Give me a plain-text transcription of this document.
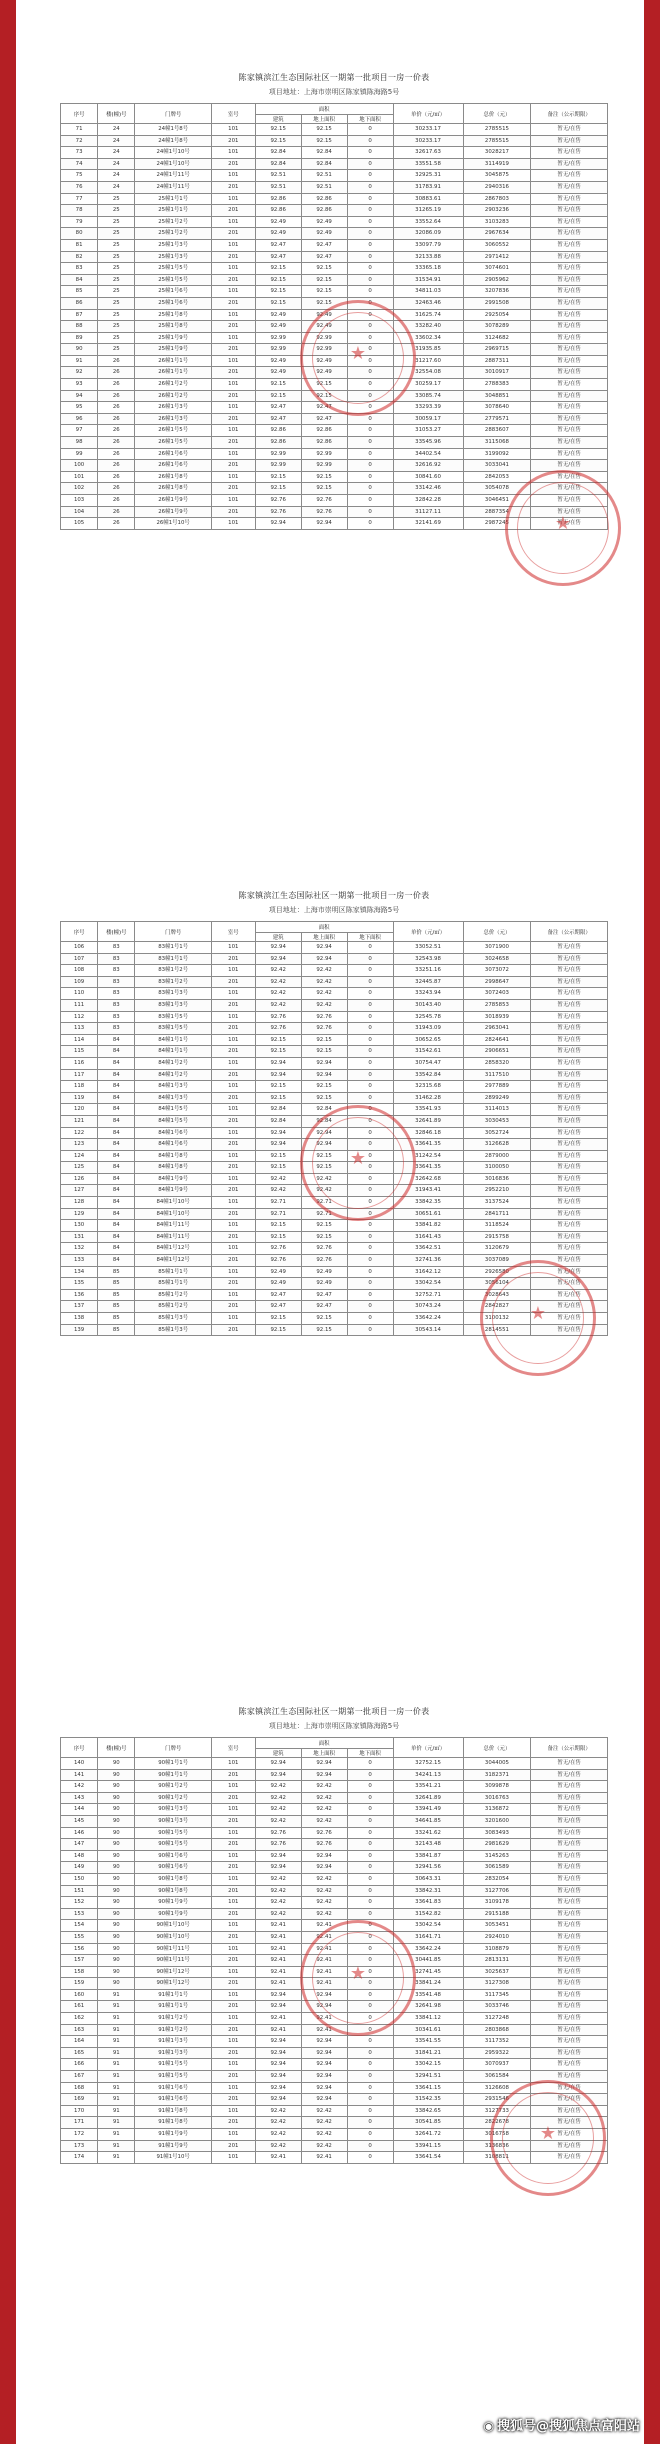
陈家镇滨江生态国际社区一期第一批项目一房一价表
项目地址：上海市崇明区陈家镇陈海路5号
序号	楼(幢)号	门牌号	室号	面积			单价（元/㎡）	总价（元）	备注（公示期限）
				建筑	地上面积	地下面积			
71	24	24幢1号8号	101	92.15	92.15	0	30233.17	2785515	暂无/在售
72	24	24幢1号8号	201	92.15	92.15	0	30233.17	2785515	暂无/在售
73	24	24幢1号10号	101	92.84	92.84	0	32617.63	3028217	暂无/在售
74	24	24幢1号10号	201	92.84	92.84	0	33551.58	3114919	暂无/在售
75	24	24幢1号11号	101	92.51	92.51	0	32925.31	3045875	暂无/在售
76	24	24幢1号11号	201	92.51	92.51	0	31783.91	2940316	暂无/在售
77	25	25幢1号1号	101	92.86	92.86	0	30883.61	2867803	暂无/在售
78	25	25幢1号1号	201	92.86	92.86	0	31265.19	2903236	暂无/在售
79	25	25幢1号2号	101	92.49	92.49	0	33552.64	3103283	暂无/在售
80	25	25幢1号2号	201	92.49	92.49	0	32086.09	2967634	暂无/在售
81	25	25幢1号3号	101	92.47	92.47	0	33097.79	3060552	暂无/在售
82	25	25幢1号3号	201	92.47	92.47	0	32133.88	2971412	暂无/在售
83	25	25幢1号5号	101	92.15	92.15	0	33365.18	3074601	暂无/在售
84	25	25幢1号5号	201	92.15	92.15	0	31534.91	2905962	暂无/在售
85	25	25幢1号6号	101	92.15	92.15	0	34811.03	3207836	暂无/在售
86	25	25幢1号6号	201	92.15	92.15	0	32463.46	2991508	暂无/在售
87	25	25幢1号8号	101	92.49	92.49	0	31625.74	2925054	暂无/在售
88	25	25幢1号8号	201	92.49	92.49	0	33282.40	3078289	暂无/在售
89	25	25幢1号9号	101	92.99	92.99	0	33602.34	3124682	暂无/在售
90	25	25幢1号9号	201	92.99	92.99	0	31935.85	2969715	暂无/在售
91	26	26幢1号1号	101	92.49	92.49	0	31217.60	2887311	暂无/在售
92	26	26幢1号1号	201	92.49	92.49	0	32554.08	3010917	暂无/在售
93	26	26幢1号2号	101	92.15	92.15	0	30259.17	2788383	暂无/在售
94	26	26幢1号2号	201	92.15	92.15	0	33085.74	3048851	暂无/在售
95	26	26幢1号3号	101	92.47	92.47	0	33293.39	3078640	暂无/在售
96	26	26幢1号3号	201	92.47	92.47	0	30059.17	2779571	暂无/在售
97	26	26幢1号5号	101	92.86	92.86	0	31053.27	2883607	暂无/在售
98	26	26幢1号5号	201	92.86	92.86	0	33545.96	3115068	暂无/在售
99	26	26幢1号6号	101	92.99	92.99	0	34402.54	3199092	暂无/在售
100	26	26幢1号6号	201	92.99	92.99	0	32616.92	3033041	暂无/在售
101	26	26幢1号8号	101	92.15	92.15	0	30841.60	2842053	暂无/在售
102	26	26幢1号8号	201	92.15	92.15	0	33142.46	3054078	暂无/在售
103	26	26幢1号9号	101	92.76	92.76	0	32842.28	3046451	暂无/在售
104	26	26幢1号9号	201	92.76	92.76	0	31127.11	2887354	暂无/在售
105	26	26幢1号10号	101	92.94	92.94	0	32141.69	2987245	暂无/在售
陈家镇滨江生态国际社区一期第一批项目一房一价表
项目地址：上海市崇明区陈家镇陈海路5号
序号	楼(幢)号	门牌号	室号	面积			单价（元/㎡）	总价（元）	备注（公示期限）
				建筑	地上面积	地下面积			
106	83	83幢1号1号	101	92.94	92.94	0	33052.51	3071900	暂无/在售
107	83	83幢1号1号	201	92.94	92.94	0	32543.98	3024658	暂无/在售
108	83	83幢1号2号	101	92.42	92.42	0	33251.16	3073072	暂无/在售
109	83	83幢1号2号	201	92.42	92.42	0	32445.87	2998647	暂无/在售
110	83	83幢1号3号	101	92.42	92.42	0	33243.94	3072403	暂无/在售
111	83	83幢1号3号	201	92.42	92.42	0	30143.40	2785853	暂无/在售
112	83	83幢1号5号	101	92.76	92.76	0	32545.78	3018939	暂无/在售
113	83	83幢1号5号	201	92.76	92.76	0	31943.09	2963041	暂无/在售
114	84	84幢1号1号	101	92.15	92.15	0	30652.65	2824641	暂无/在售
115	84	84幢1号1号	201	92.15	92.15	0	31542.61	2906651	暂无/在售
116	84	84幢1号2号	101	92.94	92.94	0	30754.47	2858320	暂无/在售
117	84	84幢1号2号	201	92.94	92.94	0	33542.84	3117510	暂无/在售
118	84	84幢1号3号	101	92.15	92.15	0	32315.68	2977889	暂无/在售
119	84	84幢1号3号	201	92.15	92.15	0	31462.28	2899249	暂无/在售
120	84	84幢1号5号	101	92.84	92.84	0	33541.93	3114013	暂无/在售
121	84	84幢1号5号	201	92.84	92.84	0	32641.89	3030453	暂无/在售
122	84	84幢1号6号	101	92.94	92.94	0	32846.18	3052724	暂无/在售
123	84	84幢1号6号	201	92.94	92.94	0	33641.35	3126628	暂无/在售
124	84	84幢1号8号	101	92.15	92.15	0	31242.54	2879000	暂无/在售
125	84	84幢1号8号	201	92.15	92.15	0	33641.35	3100050	暂无/在售
126	84	84幢1号9号	101	92.42	92.42	0	32642.68	3016836	暂无/在售
127	84	84幢1号9号	201	92.42	92.42	0	31943.41	2952210	暂无/在售
128	84	84幢1号10号	101	92.71	92.71	0	33842.35	3137524	暂无/在售
129	84	84幢1号10号	201	92.71	92.71	0	30651.61	2841711	暂无/在售
130	84	84幢1号11号	101	92.15	92.15	0	33841.82	3118524	暂无/在售
131	84	84幢1号11号	201	92.15	92.15	0	31641.43	2915758	暂无/在售
132	84	84幢1号12号	101	92.76	92.76	0	33642.51	3120679	暂无/在售
133	84	84幢1号12号	201	92.76	92.76	0	32741.36	3037089	暂无/在售
134	85	85幢1号1号	101	92.49	92.49	0	31642.12	2926580	暂无/在售
135	85	85幢1号1号	201	92.49	92.49	0	33042.54	3056104	暂无/在售
136	85	85幢1号2号	101	92.47	92.47	0	32752.71	3028643	暂无/在售
137	85	85幢1号2号	201	92.47	92.47	0	30743.24	2842827	暂无/在售
138	85	85幢1号3号	101	92.15	92.15	0	33642.24	3100132	暂无/在售
139	85	85幢1号3号	201	92.15	92.15	0	30543.14	2814551	暂无/在售
陈家镇滨江生态国际社区一期第一批项目一房一价表
项目地址：上海市崇明区陈家镇陈海路5号
序号	楼(幢)号	门牌号	室号	面积			单价（元/㎡）	总价（元）	备注（公示期限）
				建筑	地上面积	地下面积			
140	90	90幢1号1号	101	92.94	92.94	0	32752.15	3044005	暂无/在售
141	90	90幢1号1号	201	92.94	92.94	0	34241.13	3182371	暂无/在售
142	90	90幢1号2号	101	92.42	92.42	0	33541.21	3099878	暂无/在售
143	90	90幢1号2号	201	92.42	92.42	0	32641.89	3016763	暂无/在售
144	90	90幢1号3号	101	92.42	92.42	0	33941.49	3136872	暂无/在售
145	90	90幢1号3号	201	92.42	92.42	0	34641.85	3201600	暂无/在售
146	90	90幢1号5号	101	92.76	92.76	0	33241.62	3083493	暂无/在售
147	90	90幢1号5号	201	92.76	92.76	0	32143.48	2981629	暂无/在售
148	90	90幢1号6号	101	92.94	92.94	0	33841.87	3145263	暂无/在售
149	90	90幢1号6号	201	92.94	92.94	0	32941.56	3061589	暂无/在售
150	90	90幢1号8号	101	92.42	92.42	0	30643.31	2832054	暂无/在售
151	90	90幢1号8号	201	92.42	92.42	0	33842.31	3127706	暂无/在售
152	90	90幢1号9号	101	92.42	92.42	0	33641.83	3109178	暂无/在售
153	90	90幢1号9号	201	92.42	92.42	0	31542.82	2915188	暂无/在售
154	90	90幢1号10号	101	92.41	92.41	0	33042.54	3053451	暂无/在售
155	90	90幢1号10号	201	92.41	92.41	0	31641.71	2924010	暂无/在售
156	90	90幢1号11号	101	92.41	92.41	0	33642.24	3108879	暂无/在售
157	90	90幢1号11号	201	92.41	92.41	0	30441.85	2813131	暂无/在售
158	90	90幢1号12号	101	92.41	92.41	0	32741.45	3025637	暂无/在售
159	90	90幢1号12号	201	92.41	92.41	0	33841.24	3127308	暂无/在售
160	91	91幢1号1号	101	92.94	92.94	0	33541.48	3117345	暂无/在售
161	91	91幢1号1号	201	92.94	92.94	0	32641.98	3033746	暂无/在售
162	91	91幢1号2号	101	92.41	92.41	0	33841.12	3127248	暂无/在售
163	91	91幢1号2号	201	92.41	92.41	0	30341.61	2803868	暂无/在售
164	91	91幢1号3号	101	92.94	92.94	0	33541.55	3117352	暂无/在售
165	91	91幢1号3号	201	92.94	92.94	0	31841.21	2959322	暂无/在售
166	91	91幢1号5号	101	92.94	92.94	0	33042.15	3070937	暂无/在售
167	91	91幢1号5号	201	92.94	92.94	0	32941.51	3061584	暂无/在售
168	91	91幢1号6号	101	92.94	92.94	0	33641.15	3126608	暂无/在售
169	91	91幢1号6号	201	92.94	92.94	0	31542.35	2931546	暂无/在售
170	91	91幢1号8号	101	92.42	92.42	0	33842.65	3127733	暂无/在售
171	91	91幢1号8号	201	92.42	92.42	0	30541.85	2822678	暂无/在售
172	91	91幢1号9号	101	92.42	92.42	0	32641.72	3016758	暂无/在售
173	91	91幢1号9号	201	92.42	92.42	0	33941.15	3136836	暂无/在售
174	91	91幢1号10号	101	92.41	92.41	0	33641.54	3108811	暂无/在售
★
★
★
★
★
★
◉ 搜狐号@搜狐焦点富阳站
